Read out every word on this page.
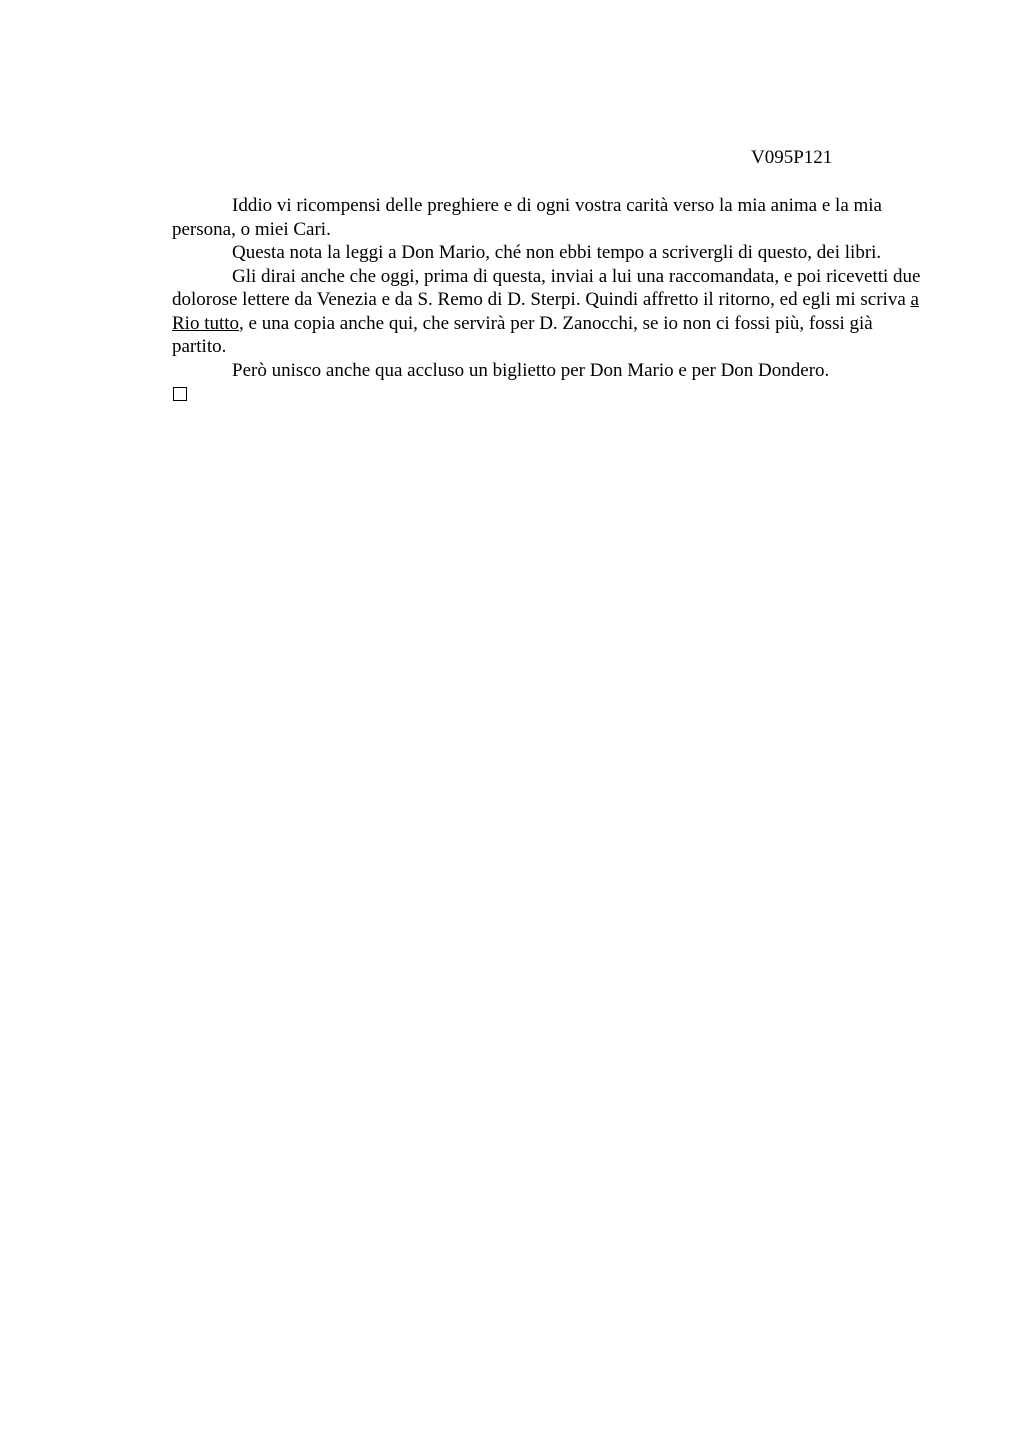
V095P121

Iddio vi ricompensi delle preghiere e di ogni vostra carità verso la mia anima e la mia persona, o miei Cari.

Questa nota la leggi a Don Mario, ché non ebbi tempo a scrivergli di questo, dei libri.

Gli dirai anche che oggi, prima di questa, inviai a lui una raccomandata, e poi ricevetti due dolorose lettere da Venezia e da S. Remo di D. Sterpi. Quindi affretto il ritorno, ed egli mi scriva a Rio tutto, e una copia anche qui, che servirà per D. Zanocchi, se io non ci fossi più, fossi già partito.

Però unisco anche qua accluso un biglietto per Don Mario e per Don Dondero.
